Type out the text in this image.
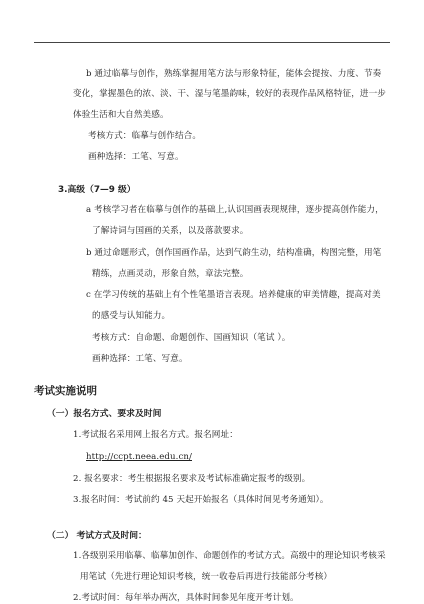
b 通过临摹与创作，熟练掌握用笔方法与形象特征，能体会提按、力度、节奏
变化，掌握墨色的浓、淡、干、湿与笔墨韵味，较好的表现作品风格特征，进一步
体验生活和大自然美感。
考核方式：临摹与创作结合。
画种选择：工笔、写意。
3.高级（7—9 级）
a 考核学习者在临摹与创作的基础上,认识国画表现规律，逐步提高创作能力，
了解诗词与国画的关系，以及落款要求。
b 通过命题形式，创作国画作品，达到气韵生动，结构准确，构图完整，用笔
精练，点画灵动，形象自然，章法完整。
c 在学习传统的基础上有个性笔墨语言表现。培养健康的审美情趣，提高对美
的感受与认知能力。
考核方式：自命题、命题创作、国画知识（笔试 ）。
画种选择：工笔、写意。
考试实施说明
（一）报名方式、要求及时间
1.考试报名采用网上报名方式。报名网址：
http://ccpt.neea.edu.cn/
2. 报名要求：考生根据报名要求及考试标准确定报考的级别。
3.报名时间：考试前约 45 天起开始报名（具体时间见考务通知）。
（二） 考试方式及时间：
1.各级别采用临摹、临摹加创作、命题创作的考试方式。高级中的理论知识考核采
用笔试（先进行理论知识考核，统一收卷后再进行技能部分考核）
2.考试时间：每年举办两次，具体时间参见年度开考计划。
